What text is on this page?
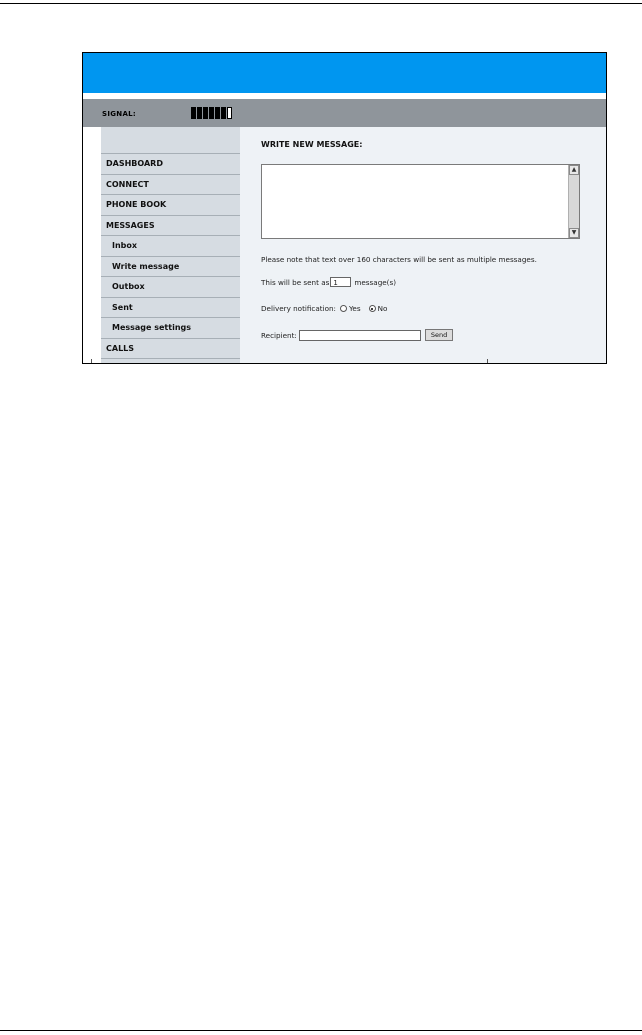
SIGNAL:
DASHBOARD
CONNECT
PHONE BOOK
MESSAGES
Inbox
Write message
Outbox
Sent
Message settings
CALLS
WRITE NEW MESSAGE:
▲
▼
Please note that text over 160 characters will be sent as multiple messages.
This will be sent as 1	message(s)
Delivery notification: Yes No
Recipient:	Send
